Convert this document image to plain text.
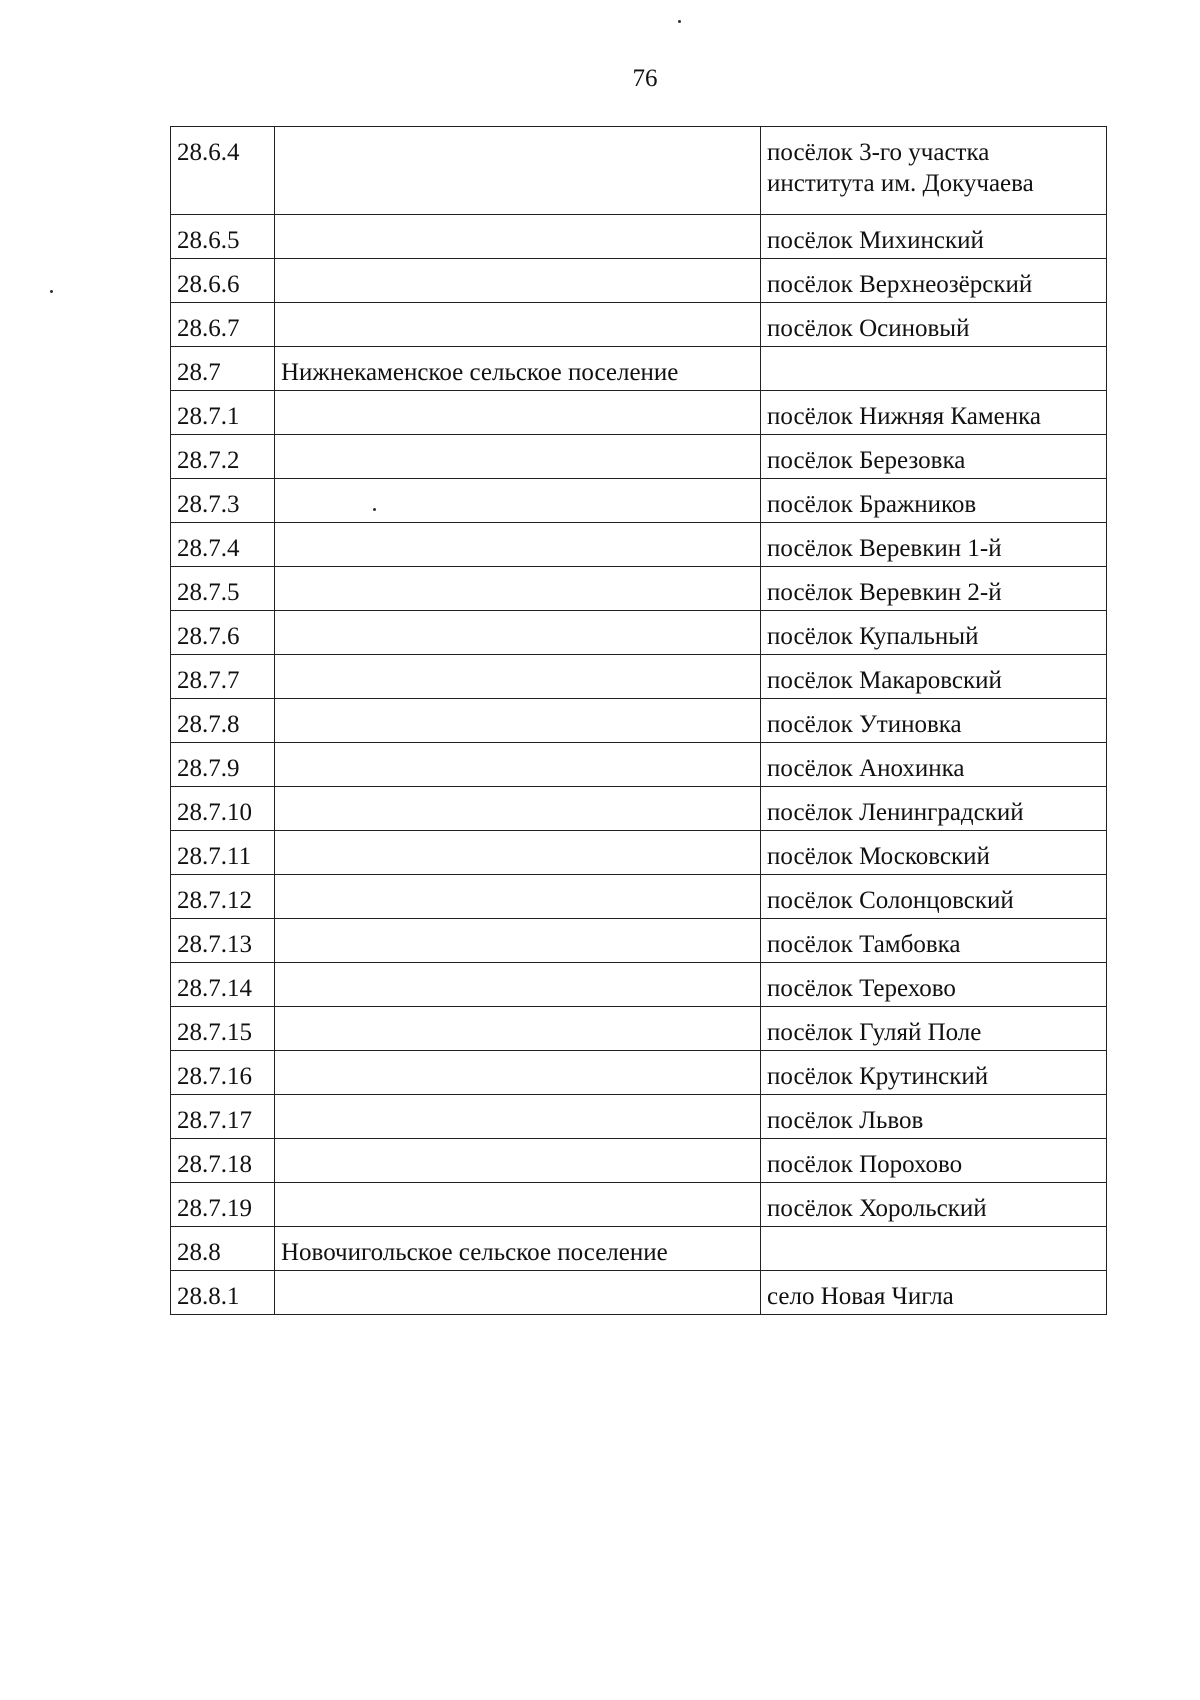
76
28.6.4		посёлок 3-го участка института им. Докучаева
28.6.5		посёлок Михинский
28.6.6		посёлок Верхнеозёрский
28.6.7		посёлок Осиновый
28.7	Нижнекаменское сельское поселение	
28.7.1		посёлок Нижняя Каменка
28.7.2		посёлок Березовка
28.7.3		посёлок Бражников
28.7.4		посёлок Веревкин 1-й
28.7.5		посёлок Веревкин 2-й
28.7.6		посёлок Купальный
28.7.7		посёлок Макаровский
28.7.8		посёлок Утиновка
28.7.9		посёлок Анохинка
28.7.10		посёлок Ленинградский
28.7.11		посёлок Московский
28.7.12		посёлок Солонцовский
28.7.13		посёлок Тамбовка
28.7.14		посёлок Терехово
28.7.15		посёлок Гуляй Поле
28.7.16		посёлок Крутинский
28.7.17		посёлок Львов
28.7.18		посёлок Порохово
28.7.19		посёлок Хорольский
28.8	Новочигольское сельское поселение	
28.8.1		село Новая Чигла
